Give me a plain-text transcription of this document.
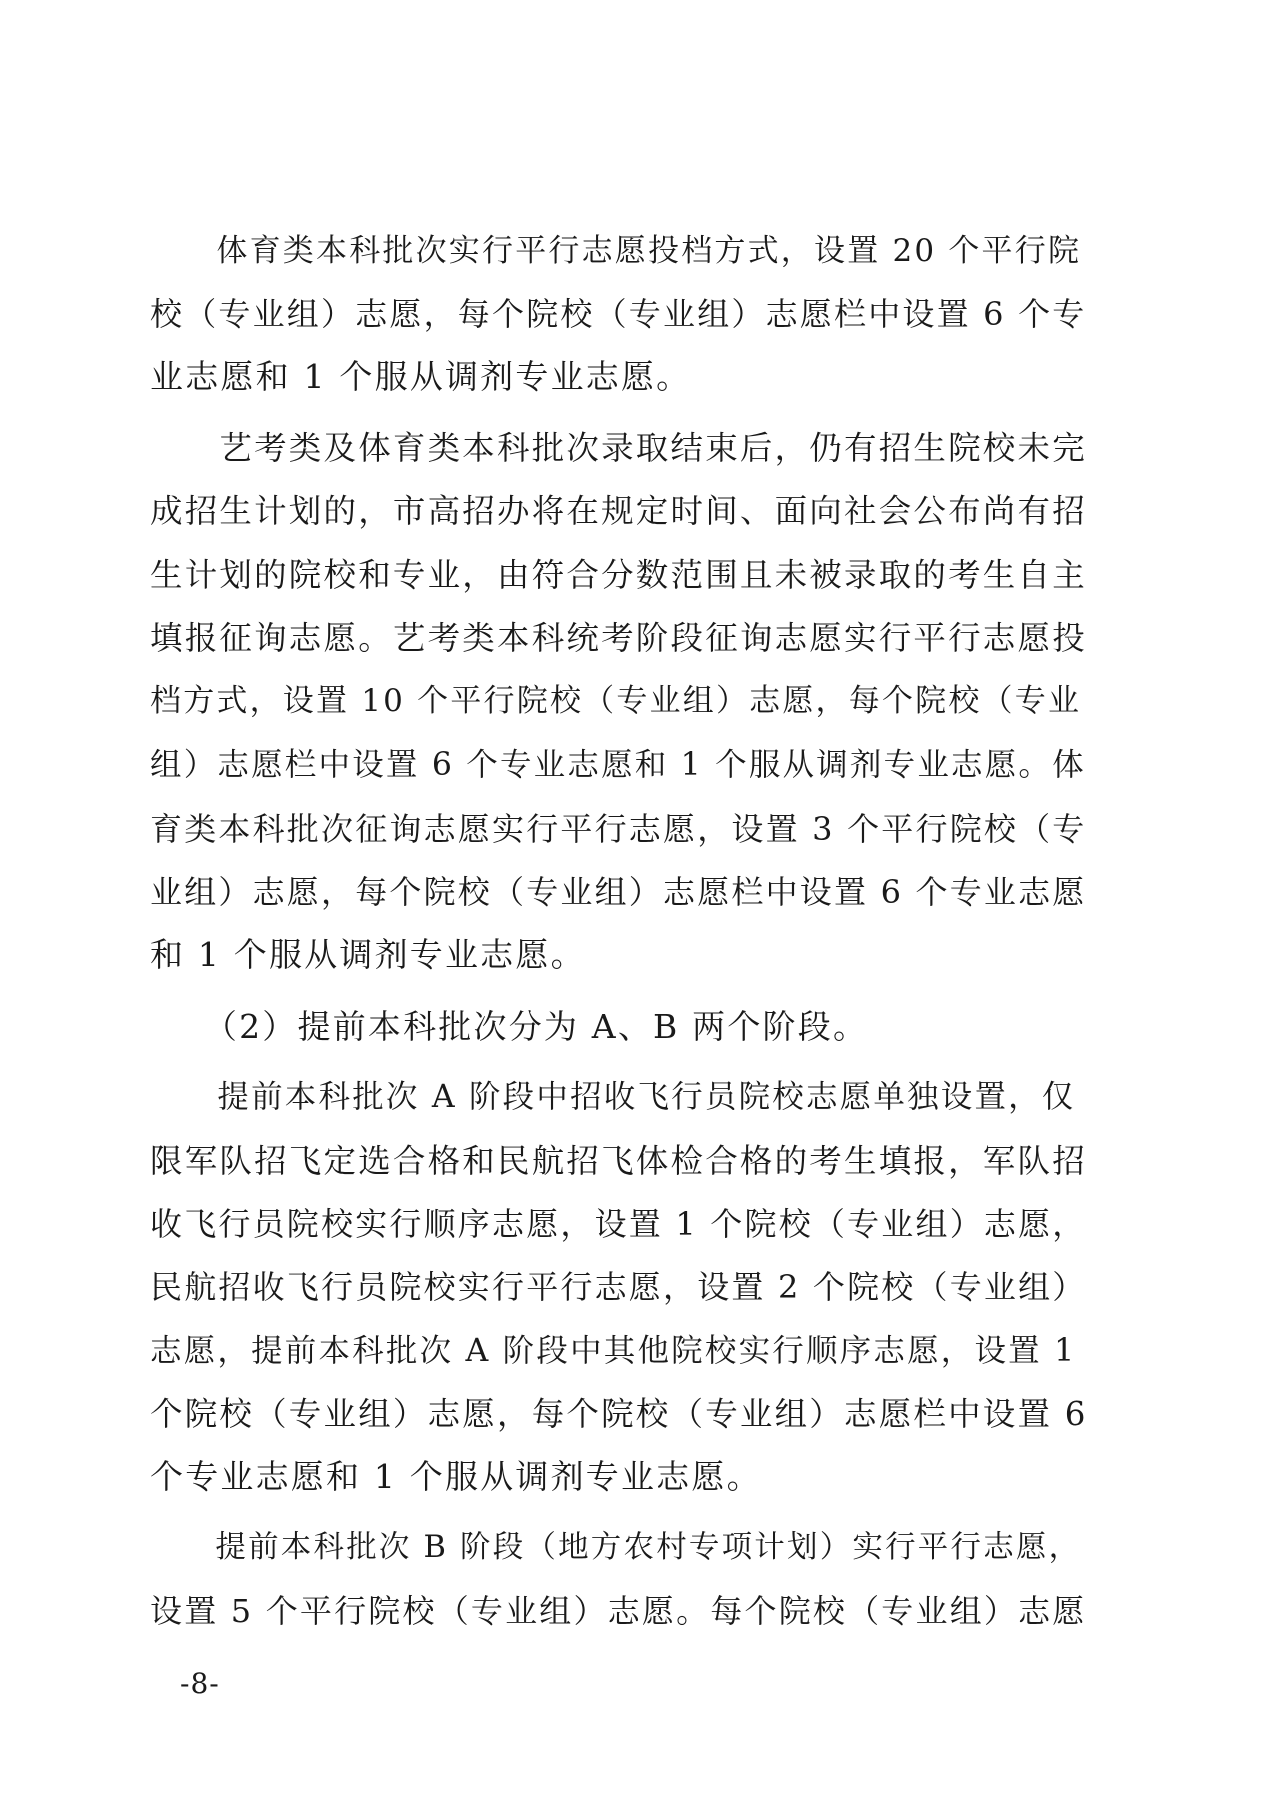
　　体育类本科批次实行平行志愿投档方式，设置 20 个平行院
校（专业组）志愿，每个院校（专业组）志愿栏中设置 6 个专
业志愿和 1 个服从调剂专业志愿。
　　艺考类及体育类本科批次录取结束后，仍有招生院校未完
成招生计划的，市高招办将在规定时间、面向社会公布尚有招
生计划的院校和专业，由符合分数范围且未被录取的考生自主
填报征询志愿。艺考类本科统考阶段征询志愿实行平行志愿投
档方式，设置 10 个平行院校（专业组）志愿，每个院校（专业
组）志愿栏中设置 6 个专业志愿和 1 个服从调剂专业志愿。体
育类本科批次征询志愿实行平行志愿，设置 3 个平行院校（专
业组）志愿，每个院校（专业组）志愿栏中设置 6 个专业志愿
和 1 个服从调剂专业志愿。
　　（2）提前本科批次分为 A、B 两个阶段。
　　提前本科批次 A 阶段中招收飞行员院校志愿单独设置，仅
限军队招飞定选合格和民航招飞体检合格的考生填报，军队招
收飞行员院校实行顺序志愿，设置 1 个院校（专业组）志愿，
民航招收飞行员院校实行平行志愿，设置 2 个院校（专业组）
志愿，提前本科批次 A 阶段中其他院校实行顺序志愿，设置 1
个院校（专业组）志愿，每个院校（专业组）志愿栏中设置 6
个专业志愿和 1 个服从调剂专业志愿。
　　提前本科批次 B 阶段（地方农村专项计划）实行平行志愿，
设置 5 个平行院校（专业组）志愿。每个院校（专业组）志愿
-8-
